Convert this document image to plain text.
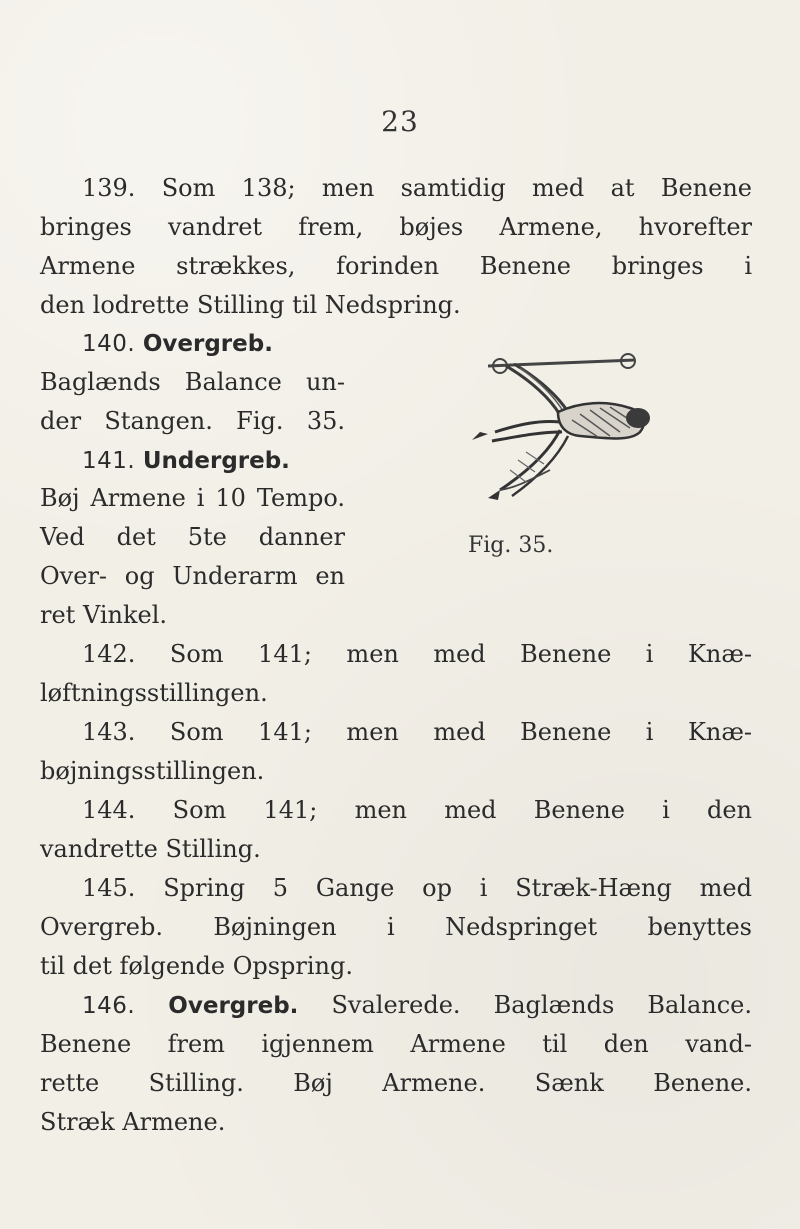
23
139. Som 138; men samtidig med at Benene
bringes vandret frem, bøjes Armene, hvorefter
Armene strækkes, forinden Benene bringes i
den lodrette Stilling til Nedspring.
140. Overgreb.
Baglænds Balance un-
der Stangen. Fig. 35.
141. Undergreb.
Bøj Armene i 10 Tempo.
Ved det 5te danner
Over- og Underarm en
ret Vinkel.
Fig. 35.
142. Som 141; men med Benene i Knæ-
løftningsstillingen.
143. Som 141; men med Benene i Knæ-
bøjningsstillingen.
144. Som 141; men med Benene i den
vandrette Stilling.
145. Spring 5 Gange op i Stræk-Hæng med
Overgreb. Bøjningen i Nedspringet benyttes
til det følgende Opspring.
146. Overgreb. Svalerede. Baglænds Balance.
Benene frem igjennem Armene til den vand-
rette Stilling. Bøj Armene. Sænk Benene.
Stræk Armene.
